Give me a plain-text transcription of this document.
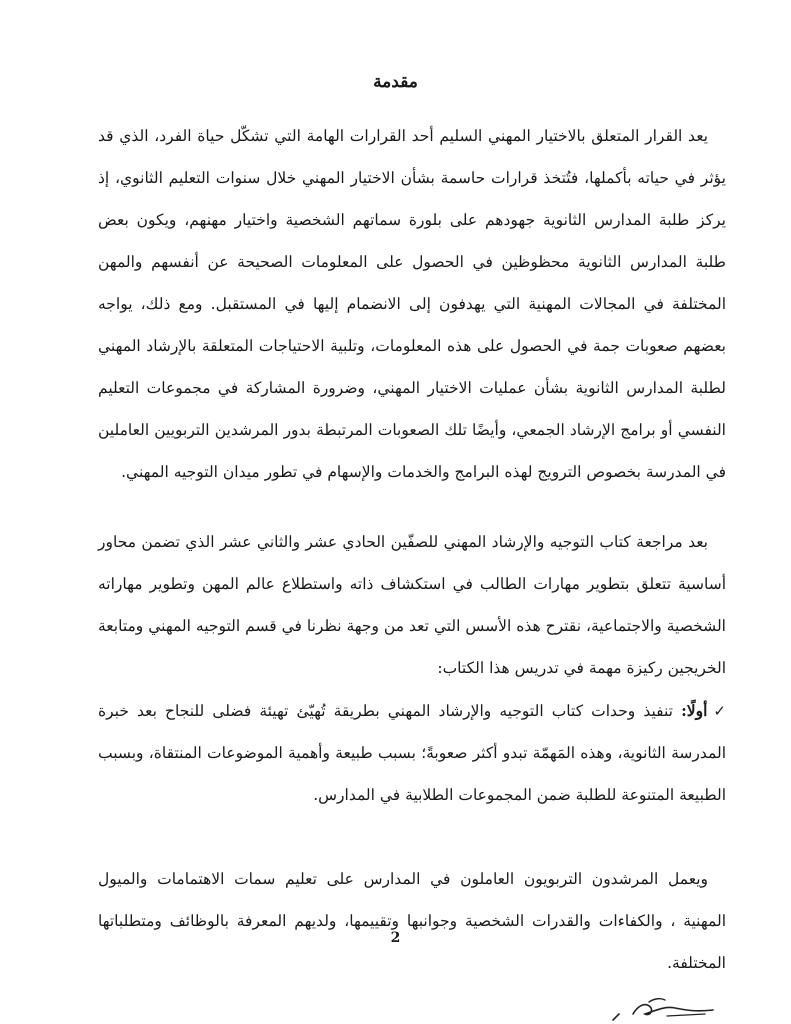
مقدمة

يعد القرار المتعلق بالاختيار المهني السليم أحد القرارات الهامة التي تشكّل حياة الفرد، الذي قد يؤثر في حياته بأكملها، فتُتخذ قرارات حاسمة بشأن الاختيار المهني خلال سنوات التعليم الثانوي، إذ يركز طلبة المدارس الثانوية جهودهم على بلورة سماتهم الشخصية واختيار مهنهم، ويكون بعض طلبة المدارس الثانوية محظوظين في الحصول على المعلومات الصحيحة عن أنفسهم والمهن المختلفة في المجالات المهنية التي يهدفون إلى الانضمام إليها في المستقبل. ومع ذلك، يواجه بعضهم صعوبات جمة في الحصول على هذه المعلومات، وتلبية الاحتياجات المتعلقة بالإرشاد المهني لطلبة المدارس الثانوية بشأن عمليات الاختيار المهني، وضرورة المشاركة في مجموعات التعليم النفسي أو برامج الإرشاد الجمعي، وأيضًا تلك الصعوبات المرتبطة بدور المرشدين التربويين العاملين في المدرسة بخصوص الترويج لهذه البرامج والخدمات والإسهام في تطور ميدان التوجيه المهني.

بعد مراجعة كتاب التوجيه والإرشاد المهني للصفّين الحادي عشر والثاني عشر الذي تضمن محاور أساسية تتعلق بتطوير مهارات الطالب في استكشاف ذاته واستطلاع عالم المهن وتطوير مهاراته الشخصية والاجتماعية، نقترح هذه الأسس التي تعد من وجهة نظرنا في قسم التوجيه المهني ومتابعة الخريجين ركيزة مهمة في تدريس هذا الكتاب:

✓أولًا: تنفيذ وحدات كتاب التوجيه والإرشاد المهني بطريقة تُهيّئ تهيئة فضلى للنجاح بعد خبرة المدرسة الثانوية، وهذه المَهمّة تبدو أكثر صعوبةً؛ بسبب طبيعة وأهمية الموضوعات المنتقاة، وبسبب الطبيعة المتنوعة للطلبة ضمن المجموعات الطلابية في المدارس.

ويعمل المرشدون التربويون العاملون في المدارس على تعليم سمات الاهتمامات والميول المهنية ، والكفاءات والقدرات الشخصية وجوانبها وتقييمها، ولديهم المعرفة بالوظائف ومتطلباتها المختلفة.

2
